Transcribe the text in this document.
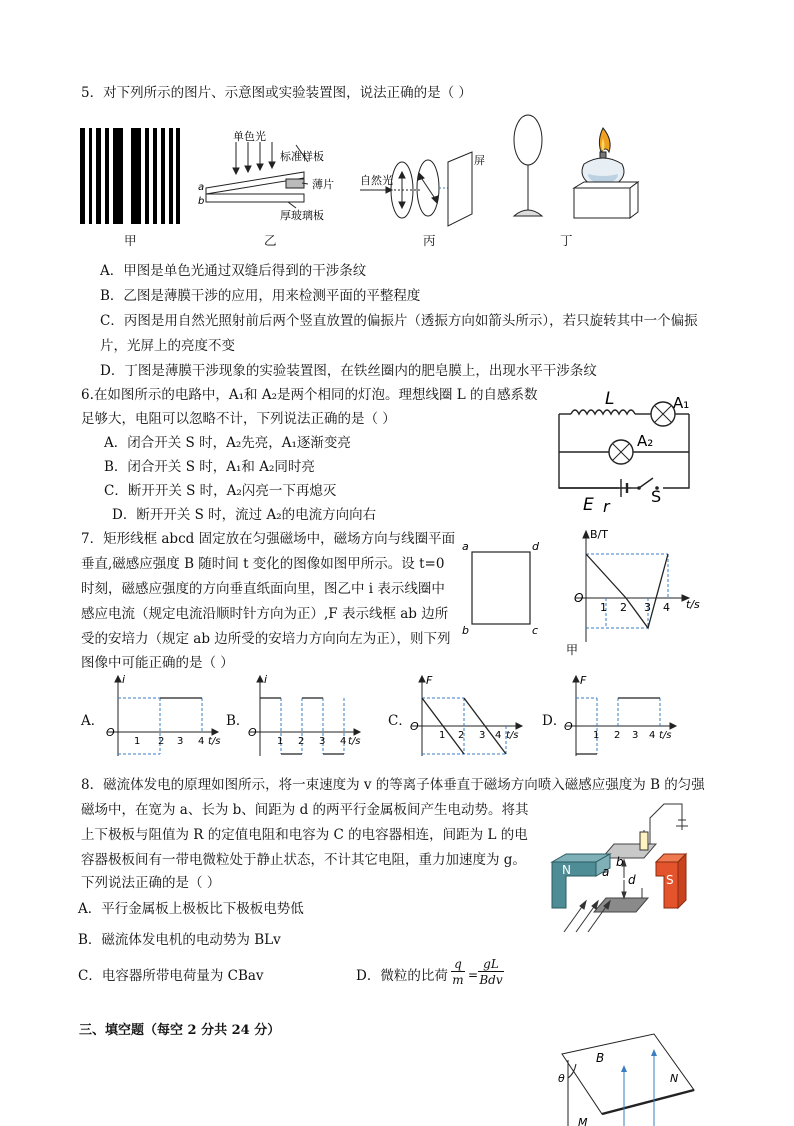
5．对下列所示的图片、示意图或实验装置图，说法正确的是（ ）
单色光
标准样板
薄片
厚玻璃板
a
b
自然光
屏
甲	乙	丙	丁
A．甲图是单色光通过双缝后得到的干涉条纹
B．乙图是薄膜干涉的应用，用来检测平面的平整程度
C．丙图是用自然光照射前后两个竖直放置的偏振片（透振方向如箭头所示），若只旋转其中一个偏振
片，光屏上的亮度不变
D．丁图是薄膜干涉现象的实验装置图，在铁丝圈内的肥皂膜上，出现水平干涉条纹
6.在如图所示的电路中，A₁和 A₂是两个相同的灯泡。理想线圈 L 的自感系数
足够大，电阻可以忽略不计，下列说法正确的是（ ）
A．闭合开关 S 时，A₂先亮，A₁逐渐变亮
B．闭合开关 S 时，A₁和 A₂同时亮
C．断开开关 S 时，A₂闪亮一下再熄灭
D．断开开关 S 时，流过 A₂的电流方向向右
L	A₁
A₂
E r
S
7．矩形线框 abcd 固定放在匀强磁场中，磁场方向与线圈平面
垂直,磁感应强度 B 随时间 t 变化的图像如图甲所示。设 t=0
时刻，磁感应强度的方向垂直纸面向里，图乙中 i 表示线圈中
感应电流（规定电流沿顺时针方向为正）,F 表示线框 ab 边所
受的安培力（规定 ab 边所受的安培力方向向左为正），则下列
图像中可能正确的是（ ）
a	d
b	c
B/T
t/s
O
1 2 3 4
甲
A．
i
O
1 2 3 4 t/s
B．
i
O
1 2 3 4 t/s
C．
F
O
1 2 3 4 t/s
D．
F
O
1 2 3 4 t/s
8．磁流体发电的原理如图所示，将一束速度为 v 的等离子体垂直于磁场方向喷入磁感应强度为 B 的匀强
磁场中，在宽为 a、长为 b、间距为 d 的两平行金属板间产生电动势。将其
上下极板与阻值为 R 的定值电阻和电容为 C 的电容器相连，间距为 L 的电
容器极板间有一带电微粒处于静止状态，不计其它电阻，重力加速度为 g。
下列说法正确的是（ ）
A．平行金属板上极板比下极板电势低
B．磁流体发电机的电动势为 BLv
C．电容器所带电荷量为 CBav	D．微粒的比荷
q
m =
gL
Bdv
N
S
a
b
d
三、填空题（每空 2 分共 24 分）
B
N
M
θ
